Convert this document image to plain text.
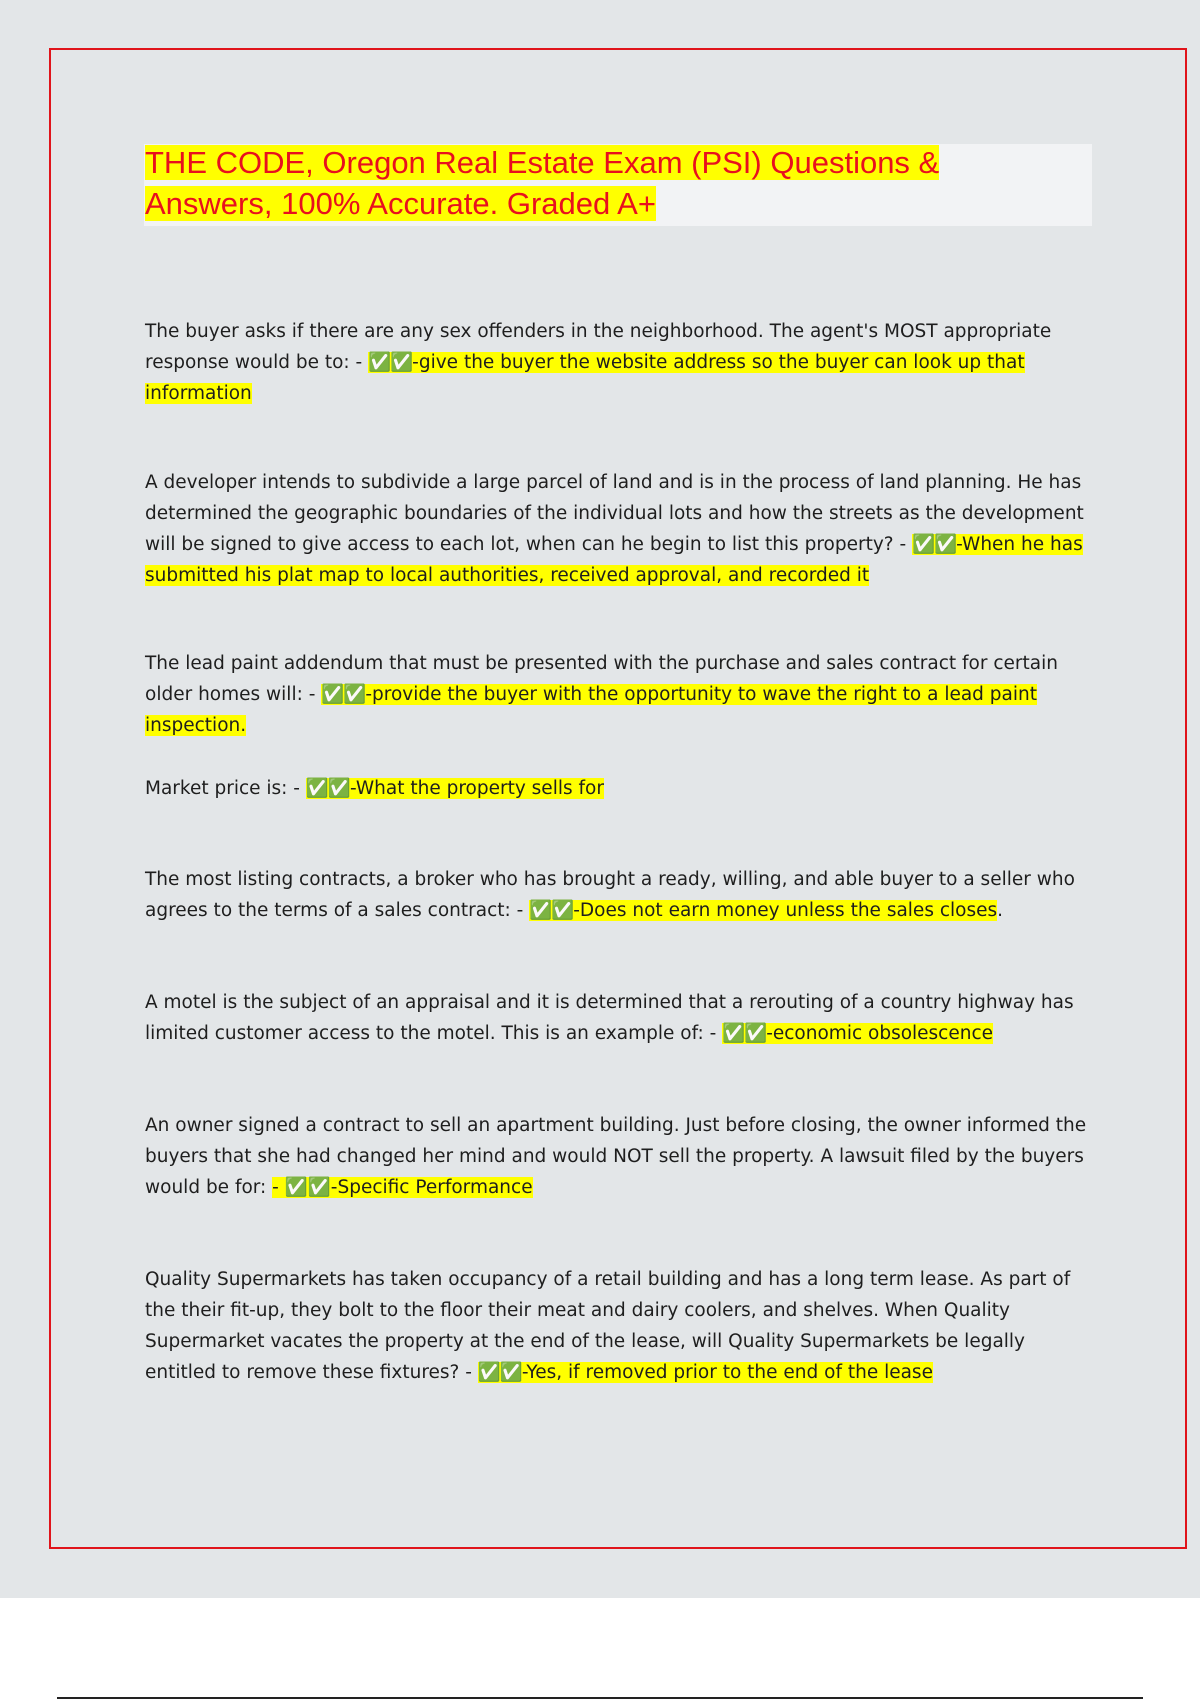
THE CODE, Oregon Real Estate Exam (PSI) Questions &
Answers, 100% Accurate. Graded A+

The buyer asks if there are any sex offenders in the neighborhood. The agent's MOST appropriate response would be to: - ✅✅-give the buyer the website address so the buyer can look up that information

A developer intends to subdivide a large parcel of land and is in the process of land planning. He has determined the geographic boundaries of the individual lots and how the streets as the development will be signed to give access to each lot, when can he begin to list this property? - ✅✅-When he has submitted his plat map to local authorities, received approval, and recorded it

The lead paint addendum that must be presented with the purchase and sales contract for certain older homes will: - ✅✅-provide the buyer with the opportunity to wave the right to a lead paint inspection.

Market price is: - ✅✅-What the property sells for

The most listing contracts, a broker who has brought a ready, willing, and able buyer to a seller who agrees to the terms of a sales contract: - ✅✅-Does not earn money unless the sales closes.

A motel is the subject of an appraisal and it is determined that a rerouting of a country highway has limited customer access to the motel. This is an example of: - ✅✅-economic obsolescence

An owner signed a contract to sell an apartment building. Just before closing, the owner informed the buyers that she had changed her mind and would NOT sell the property. A lawsuit filed by the buyers would be for: - ✅✅-Specific Performance

Quality Supermarkets has taken occupancy of a retail building and has a long term lease. As part of the their fit-up, they bolt to the floor their meat and dairy coolers, and shelves. When Quality Supermarket vacates the property at the end of the lease, will Quality Supermarkets be legally entitled to remove these fixtures? - ✅✅-Yes, if removed prior to the end of the lease
